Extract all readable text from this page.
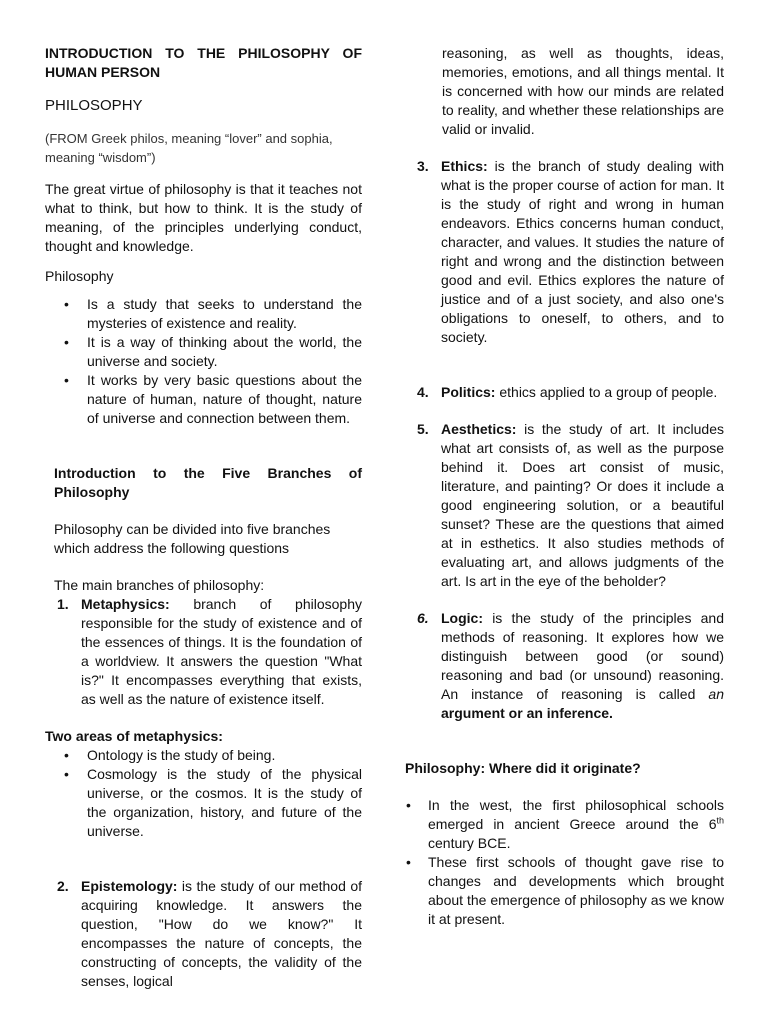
INTRODUCTION TO THE PHILOSOPHY OF HUMAN PERSON

PHILOSOPHY

(FROM Greek philos, meaning “lover” and sophia, meaning “wisdom”)

The great virtue of philosophy is that it teaches not what to think, but how to think. It is the study of meaning, of the principles underlying conduct, thought and knowledge.

Philosophy

• Is a study that seeks to understand the mysteries of existence and reality.
• It is a way of thinking about the world, the universe and society.
• It works by very basic questions about the nature of human, nature of thought, nature of universe and connection between them.

Introduction to the Five Branches of Philosophy

Philosophy can be divided into five branches which address the following questions

The main branches of philosophy:

1. Metaphysics: branch of philosophy responsible for the study of existence and of the essences of things. It is the foundation of a worldview. It answers the question "What is?" It encompasses everything that exists, as well as the nature of existence itself.

Two areas of metaphysics:

• Ontology is the study of being.
• Cosmology is the study of the physical universe, or the cosmos. It is the study of the organization, history, and future of the universe.
2. Epistemology: is the study of our method of acquiring knowledge. It answers the question, "How do we know?" It encompasses the nature of concepts, the constructing of concepts, the validity of the senses, logical

reasoning, as well as thoughts, ideas, memories, emotions, and all things mental. It is concerned with how our minds are related to reality, and whether these relationships are valid or invalid.

3. Ethics: is the branch of study dealing with what is the proper course of action for man. It is the study of right and wrong in human endeavors. Ethics concerns human conduct, character, and values. It studies the nature of right and wrong and the distinction between good and evil. Ethics explores the nature of justice and of a just society, and also one's obligations to oneself, to others, and to society.
4. Politics: ethics applied to a group of people.
5. Aesthetics: is the study of art. It includes what art consists of, as well as the purpose behind it. Does art consist of music, literature, and painting? Or does it include a good engineering solution, or a beautiful sunset? These are the questions that aimed at in esthetics. It also studies methods of evaluating art, and allows judgments of the art. Is art in the eye of the beholder?
6. Logic: is the study of the principles and methods of reasoning. It explores how we distinguish between good (or sound) reasoning and bad (or unsound) reasoning. An instance of reasoning is called an argument or an inference.

Philosophy: Where did it originate?

• In the west, the first philosophical schools emerged in ancient Greece around the 6th century BCE.
• These first schools of thought gave rise to changes and developments which brought about the emergence of philosophy as we know it at present.
